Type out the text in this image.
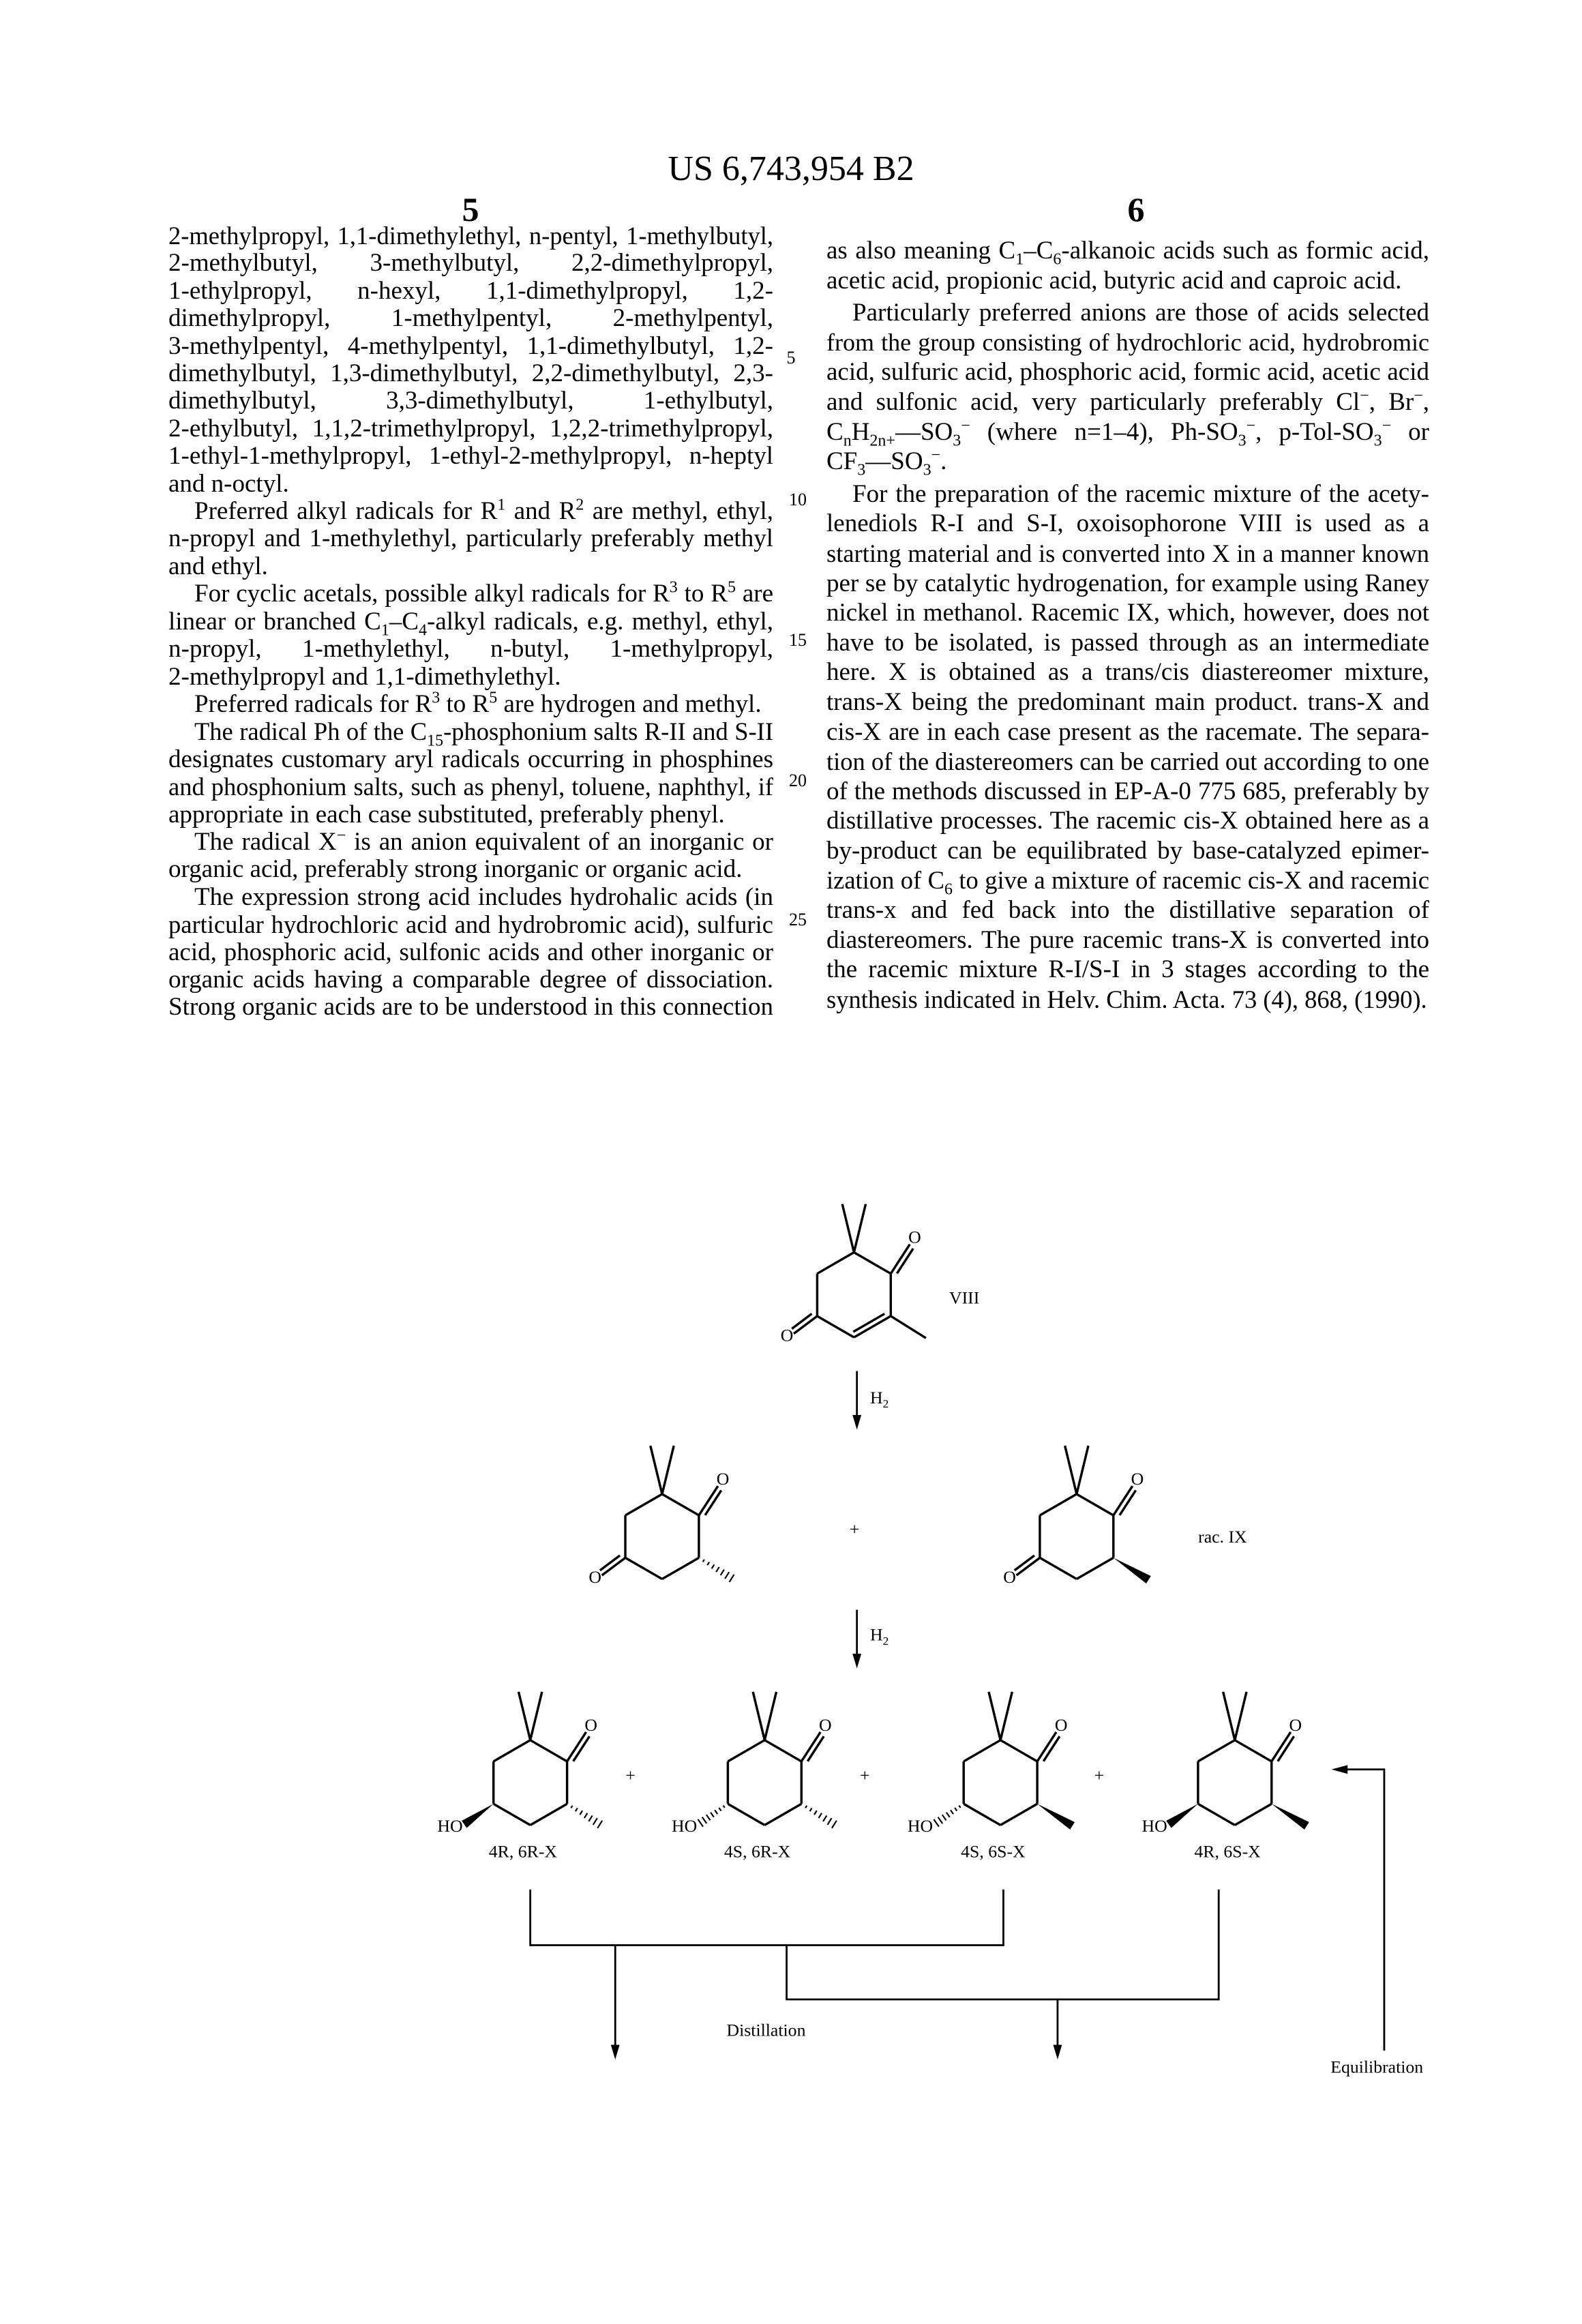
US 6,743,954 B2
5	6
2-methylpropyl, 1,1-dimethylethyl, n-pentyl, 1-methylbutyl,
2-methylbutyl, 3-methylbutyl, 2,2-dimethylpropyl,
1-ethylpropyl, n-hexyl, 1,1-dimethylpropyl, 1,2-
dimethylpropyl, 1-methylpentyl, 2-methylpentyl,
3-methylpentyl, 4-methylpentyl, 1,1-dimethylbutyl, 1,2-
dimethylbutyl, 1,3-dimethylbutyl, 2,2-dimethylbutyl, 2,3-
dimethylbutyl, 3,3-dimethylbutyl, 1-ethylbutyl,
2-ethylbutyl, 1,1,2-trimethylpropyl, 1,2,2-trimethylpropyl,
1-ethyl-1-methylpropyl, 1-ethyl-2-methylpropyl, n-heptyl
and n-octyl.
Preferred alkyl radicals for R1 and R2 are methyl, ethyl,
n-propyl and 1-methylethyl, particularly preferably methyl
and ethyl.
For cyclic acetals, possible alkyl radicals for R3 to R5 are
linear or branched C1–C4-alkyl radicals, e.g. methyl, ethyl,
n-propyl, 1-methylethyl, n-butyl, 1-methylpropyl,
2-methylpropyl and 1,1-dimethylethyl.
Preferred radicals for R3 to R5 are hydrogen and methyl.
The radical Ph of the C15-phosphonium salts R-II and S-II
designates customary aryl radicals occurring in phosphines
and phosphonium salts, such as phenyl, toluene, naphthyl, if
appropriate in each case substituted, preferably phenyl.
The radical X− is an anion equivalent of an inorganic or
organic acid, preferably strong inorganic or organic acid.
The expression strong acid includes hydrohalic acids (in
particular hydrochloric acid and hydrobromic acid), sulfuric
acid, phosphoric acid, sulfonic acids and other inorganic or
organic acids having a comparable degree of dissociation.
Strong organic acids are to be understood in this connection
as also meaning C1–C6-alkanoic acids such as formic acid,
acetic acid, propionic acid, butyric acid and caproic acid.
Particularly preferred anions are those of acids selected
from the group consisting of hydrochloric acid, hydrobromic
acid, sulfuric acid, phosphoric acid, formic acid, acetic acid
and sulfonic acid, very particularly preferably Cl−, Br−,
CnH2n+—SO3− (where n=1–4), Ph-SO3−, p-Tol-SO3− or
CF3—SO3−.
For the preparation of the racemic mixture of the acety-
lenediols R-I and S-I, oxoisophorone VIII is used as a
starting material and is converted into X in a manner known
per se by catalytic hydrogenation, for example using Raney
nickel in methanol. Racemic IX, which, however, does not
have to be isolated, is passed through as an intermediate
here. X is obtained as a trans/cis diastereomer mixture,
trans-X being the predominant main product. trans-X and
cis-X are in each case present as the racemate. The separa-
tion of the diastereomers can be carried out according to one
of the methods discussed in EP-A-0 775 685, preferably by
distillative processes. The racemic cis-X obtained here as a
by-product can be equilibrated by base-catalyzed epimer-
ization of C6 to give a mixture of racemic cis-X and racemic
trans-x and fed back into the distillative separation of
diastereomers. The pure racemic trans-X is converted into
the racemic mixture R-I/S-I in 3 stages according to the
synthesis indicated in Helv. Chim. Acta. 73 (4), 868, (1990).
5
10
15
20
25
VIII
rac. IX
+
+	+	+
4R, 6R-X	4S, 6R-X	4S, 6S-X	4R, 6S-X
Distillation
Equilibration
H2
H2
O
O
O
O
O
O
O
HO
O
HO
O
HO
O
HO
